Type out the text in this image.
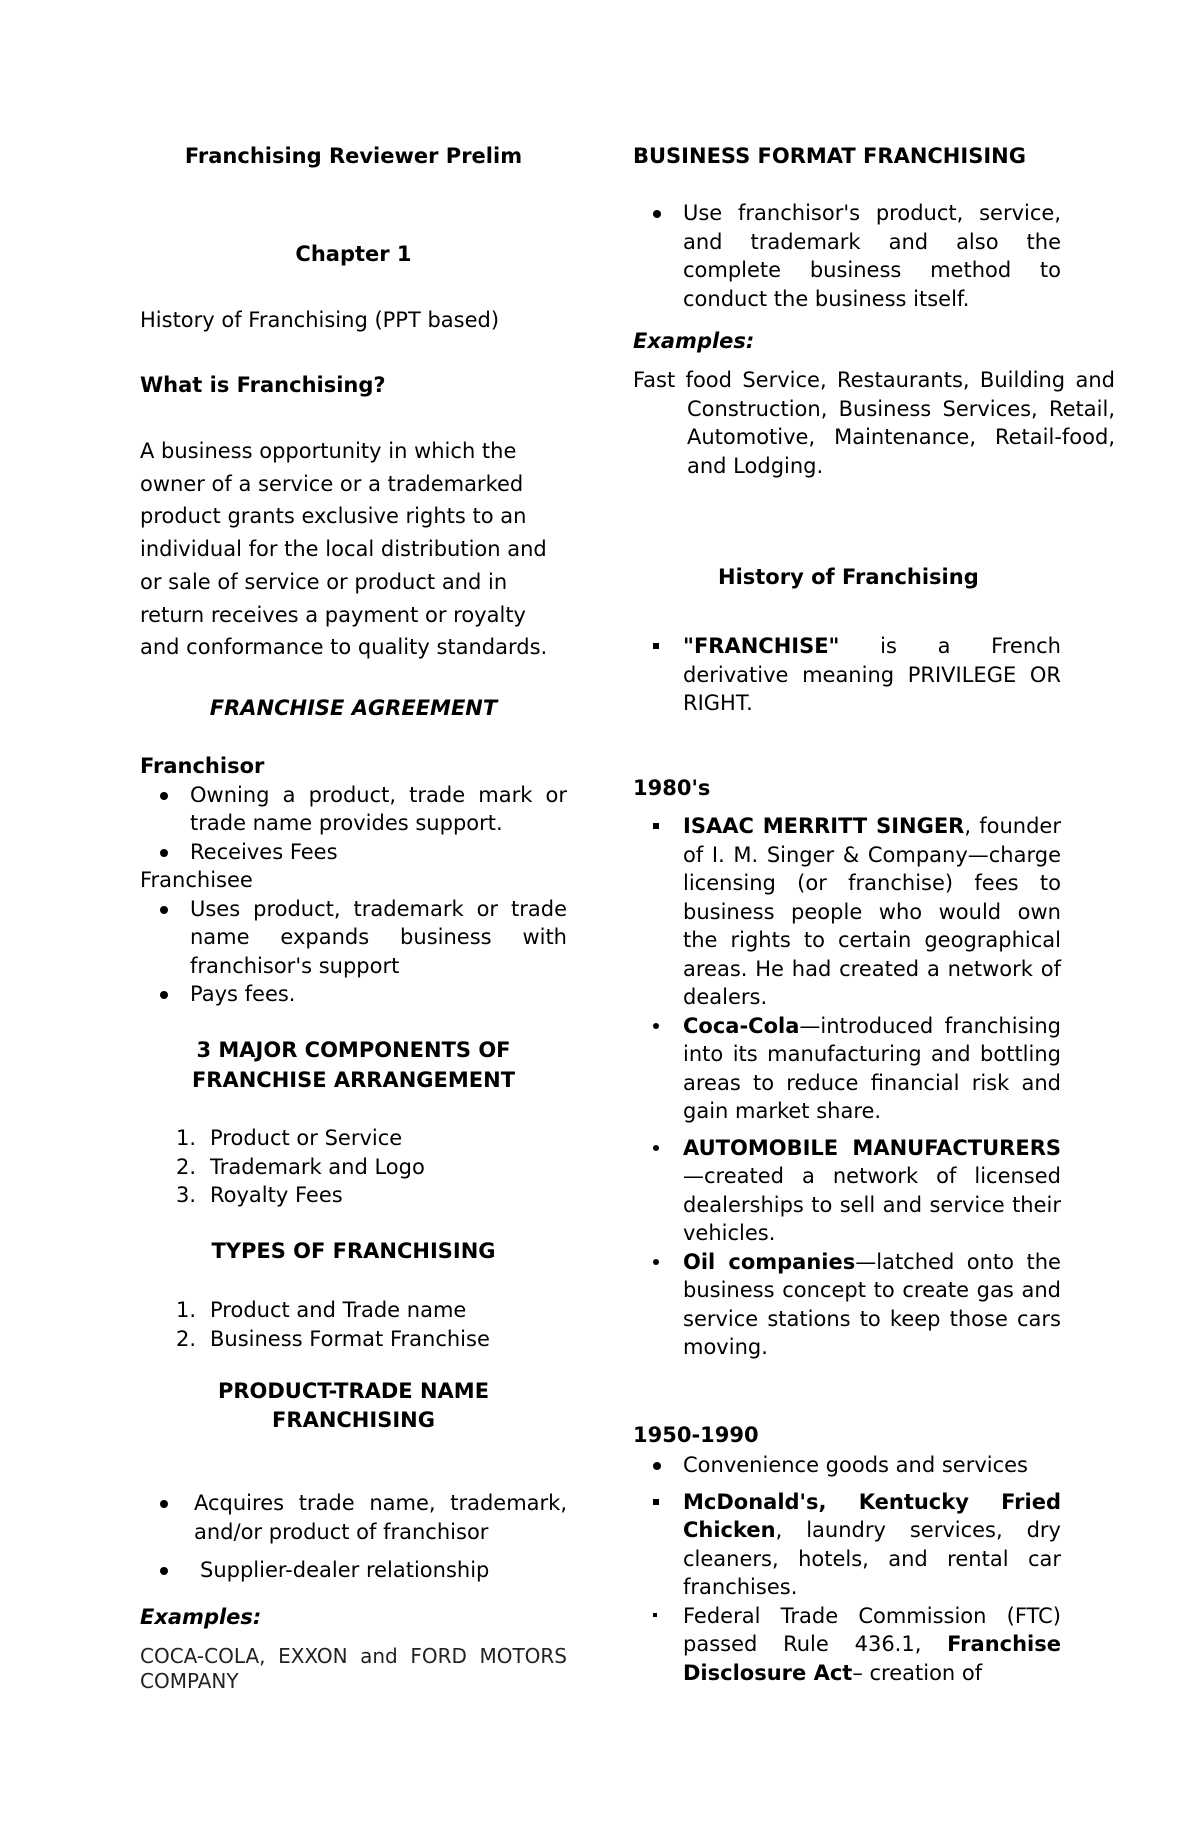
Franchising Reviewer Prelim
Chapter 1
History of Franchising (PPT based)
What is Franchising?
A business opportunity in which the owner of a service or a trademarked product grants exclusive rights to an individual for the local distribution and or sale of service or product and in return receives a payment or royalty and conformance to quality standards.
FRANCHISE AGREEMENT
Franchisor
Owning a product, trade mark or trade name provides support.
Receives Fees
Franchisee
Uses product, trademark or trade name expands business with franchisor's support
Pays fees.
3 MAJOR COMPONENTS OF FRANCHISE ARRANGEMENT
1. Product or Service
2. Trademark and Logo
3. Royalty Fees
TYPES OF FRANCHISING
1. Product and Trade name
2. Business Format Franchise
PRODUCT-TRADE NAME FRANCHISING
Acquires trade name, trademark, and/or product of franchisor
Supplier-dealer relationship
Examples:
COCA-COLA, EXXON and FORD MOTORS COMPANY
BUSINESS FORMAT FRANCHISING
Use franchisor's product, service, and trademark and also the complete business method to conduct the business itself.
Examples:
Fast food Service, Restaurants, Building and Construction, Business Services, Retail, Automotive, Maintenance, Retail-food, and Lodging.
History of Franchising
"FRANCHISE" is a French derivative meaning PRIVILEGE OR RIGHT.
1980's
ISAAC MERRITT SINGER, founder of I. M. Singer & Company—charge licensing (or franchise) fees to business people who would own the rights to certain geographical areas. He had created a network of dealers.
Coca-Cola—introduced franchising into its manufacturing and bottling areas to reduce financial risk and gain market share.
AUTOMOBILE MANUFACTURERS—created a network of licensed dealerships to sell and service their vehicles.
Oil companies—latched onto the business concept to create gas and service stations to keep those cars moving.
1950-1990
Convenience goods and services
McDonald's, Kentucky Fried Chicken, laundry services, dry cleaners, hotels, and rental car franchises.
Federal Trade Commission (FTC) passed Rule 436.1, Franchise Disclosure Act– creation of
